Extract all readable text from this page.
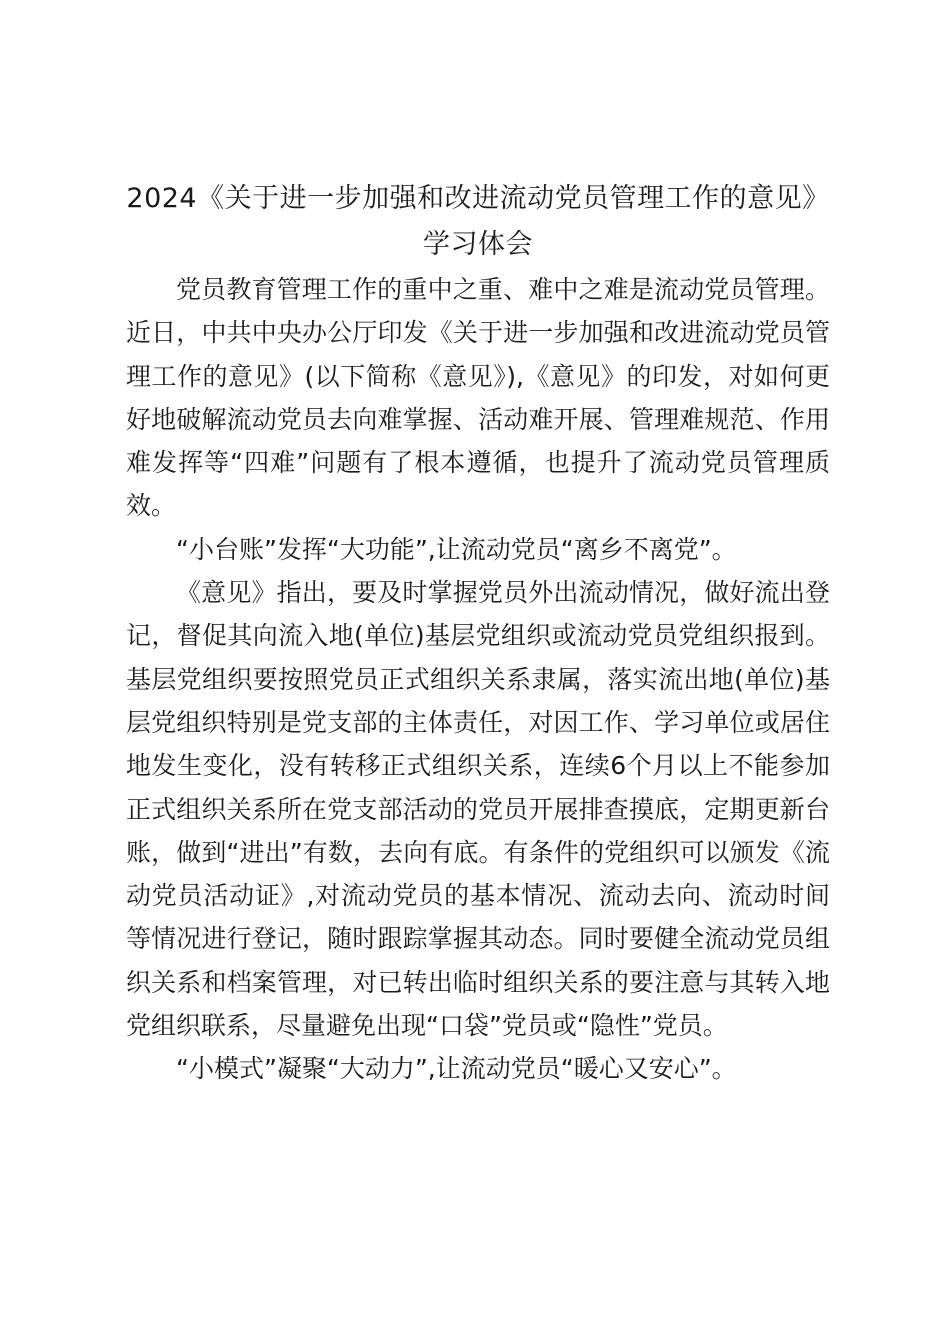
2024《关于进一步加强和改进流动党员管理工作的意见》学习体会

党员教育管理工作的重中之重、难中之难是流动党员管理。近日，中共中央办公厅印发《关于进一步加强和改进流动党员管理工作的意见》(以下简称《意见》),《意见》的印发，对如何更好地破解流动党员去向难掌握、活动难开展、管理难规范、作用难发挥等“四难”问题有了根本遵循，也提升了流动党员管理质效。

“小台账”发挥“大功能”,让流动党员“离乡不离党”。

《意见》指出，要及时掌握党员外出流动情况，做好流出登记，督促其向流入地(单位)基层党组织或流动党员党组织报到。基层党组织要按照党员正式组织关系隶属，落实流出地(单位)基层党组织特别是党支部的主体责任，对因工作、学习单位或居住地发生变化，没有转移正式组织关系，连续6个月以上不能参加正式组织关系所在党支部活动的党员开展排查摸底，定期更新台账，做到“进出”有数，去向有底。有条件的党组织可以颁发《流动党员活动证》,对流动党员的基本情况、流动去向、流动时间等情况进行登记，随时跟踪掌握其动态。同时要健全流动党员组织关系和档案管理，对已转出临时组织关系的要注意与其转入地党组织联系，尽量避免出现“口袋”党员或“隐性”党员。

“小模式”凝聚“大动力”,让流动党员“暖心又安心”。
